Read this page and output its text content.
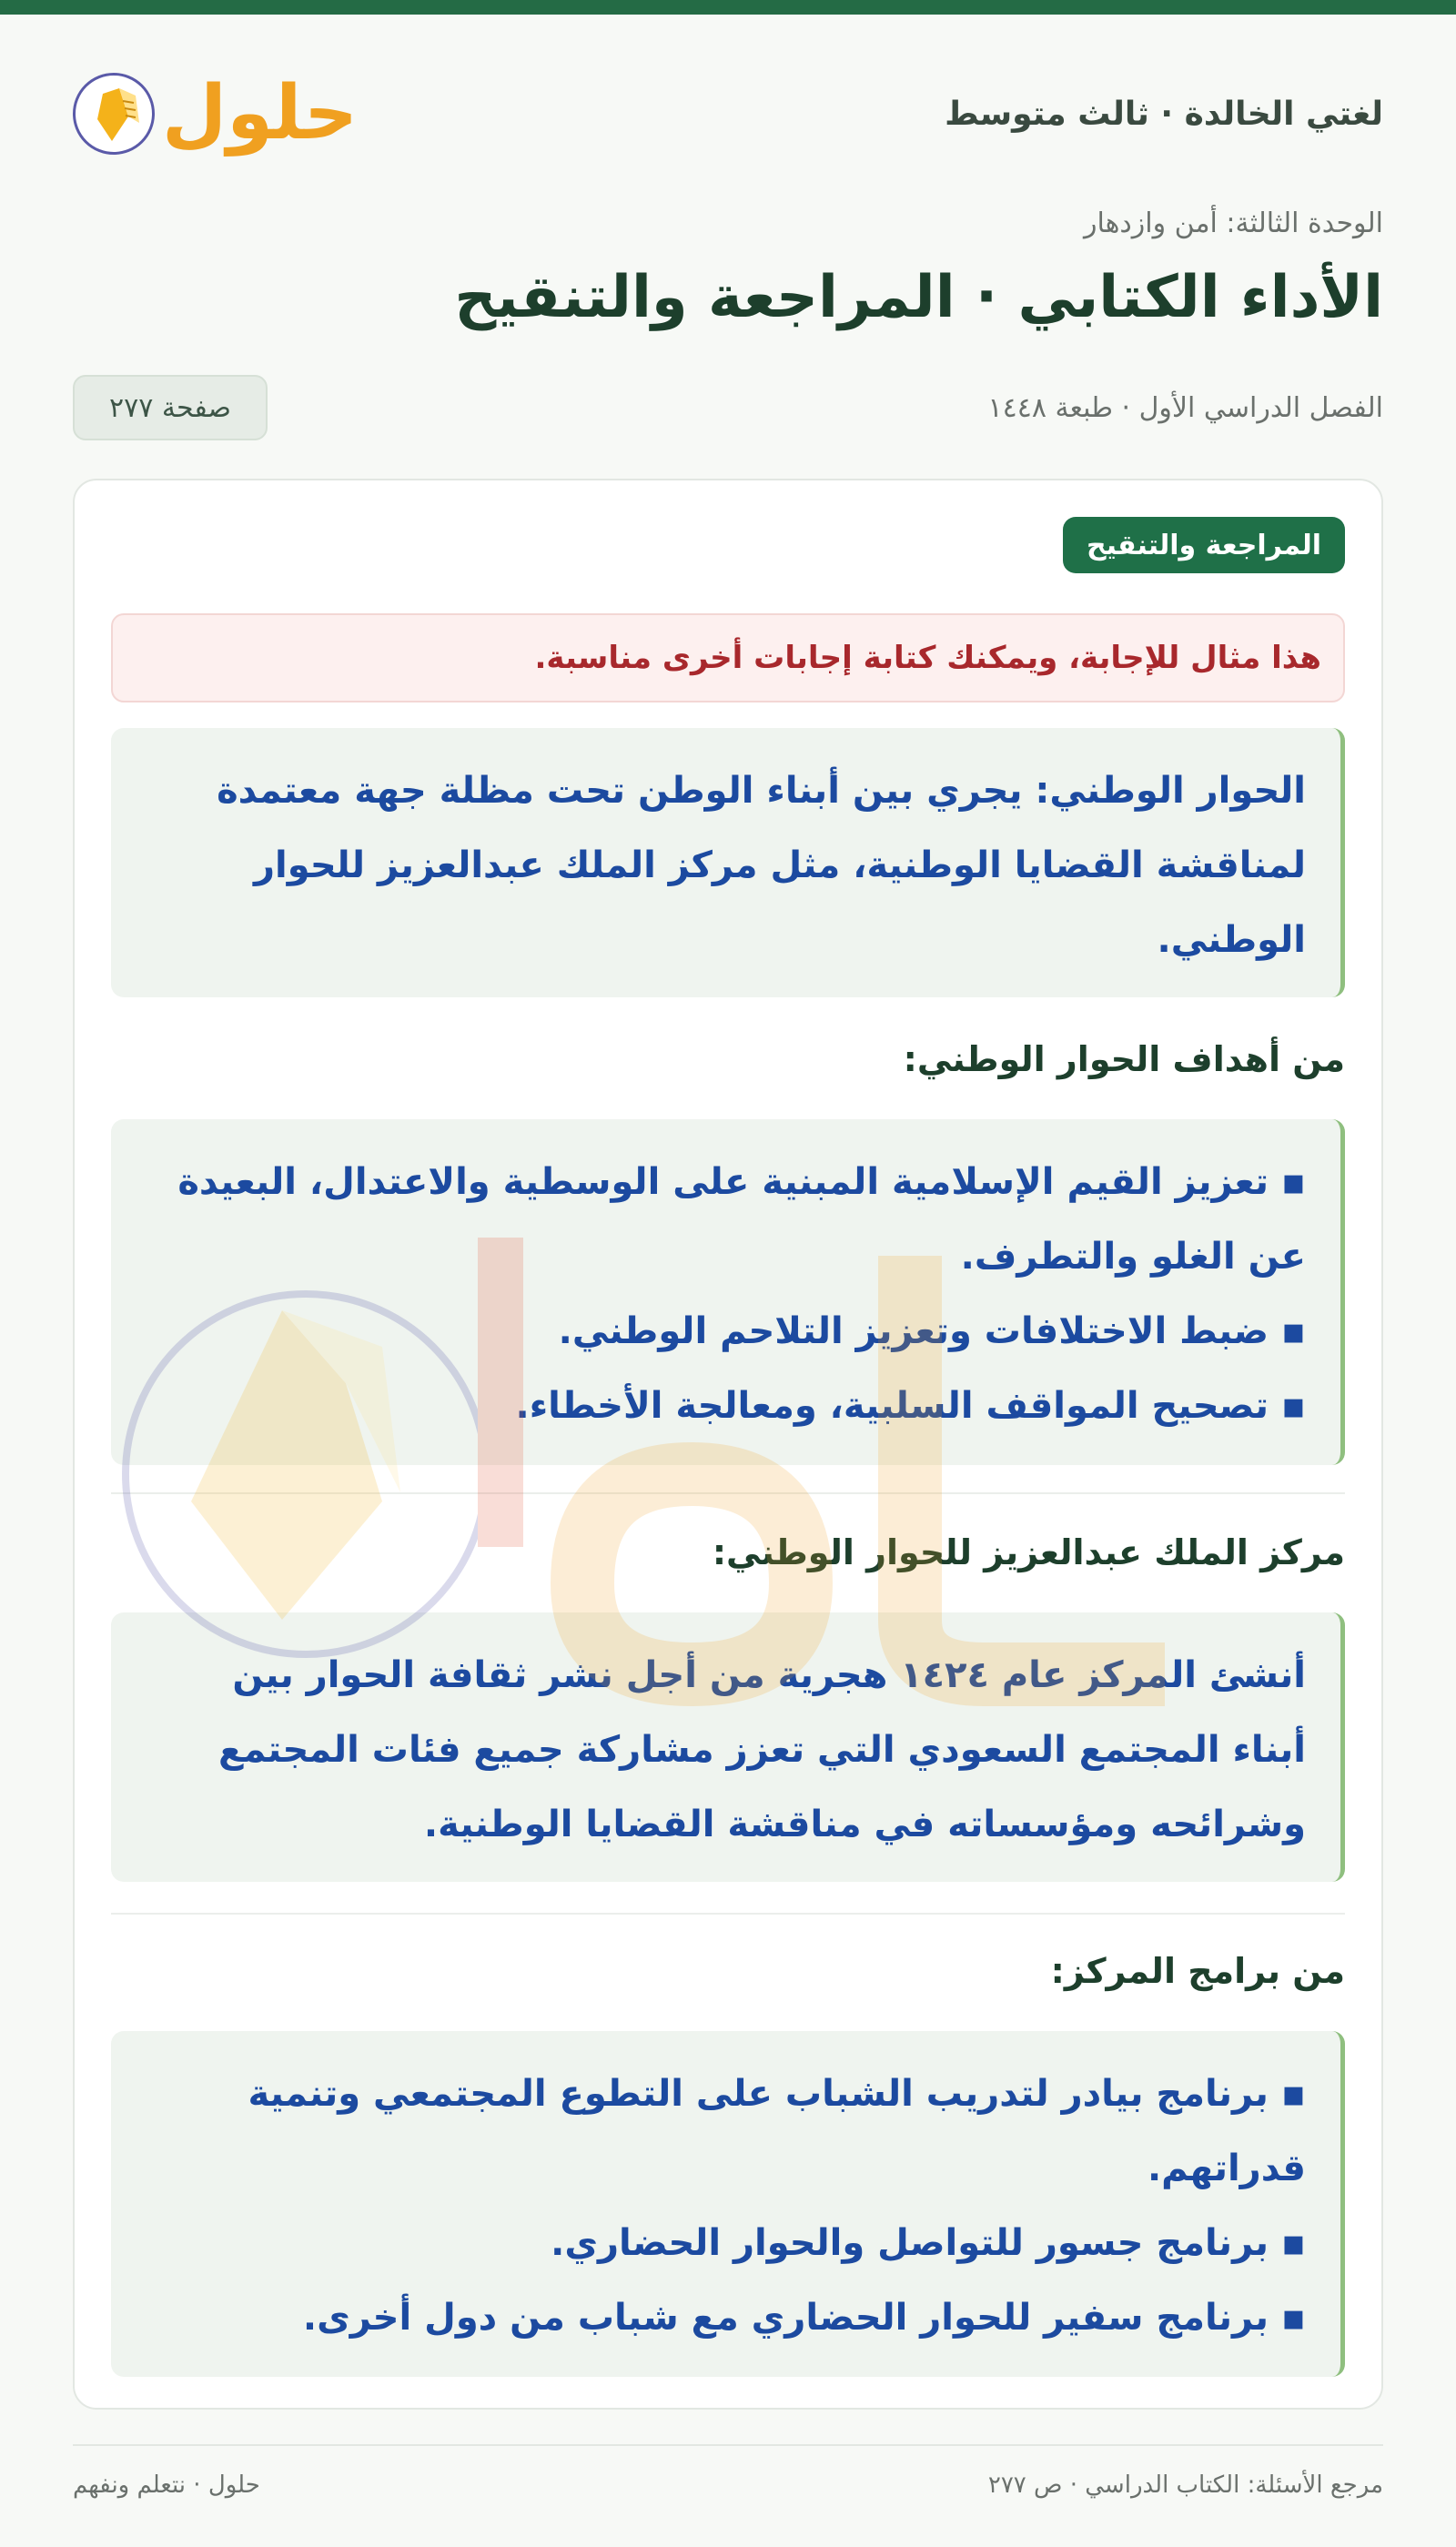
لغتي الخالدة · ثالث متوسط
حلول
الوحدة الثالثة: أمن وازدهار
الأداء الكتابي · المراجعة والتنقيح
الفصل الدراسي الأول · طبعة ١٤٤٨
صفحة ٢٧٧
المراجعة والتنقيح
هذا مثال للإجابة، ويمكنك كتابة إجابات أخرى مناسبة.
الحوار الوطني: يجري بين أبناء الوطن تحت مظلة جهة معتمدة
لمناقشة القضايا الوطنية، مثل مركز الملك عبدالعزيز للحوار
الوطني.
من أهداف الحوار الوطني:
▪ تعزيز القيم الإسلامية المبنية على الوسطية والاعتدال، البعيدة
عن الغلو والتطرف.
▪ ضبط الاختلافات وتعزيز التلاحم الوطني.
▪ تصحيح المواقف السلبية، ومعالجة الأخطاء.
مركز الملك عبدالعزيز للحوار الوطني:
أنشئ المركز عام ١٤٢٤ هجرية من أجل نشر ثقافة الحوار بين
أبناء المجتمع السعودي التي تعزز مشاركة جميع فئات المجتمع
وشرائحه ومؤسساته في مناقشة القضايا الوطنية.
من برامج المركز:
▪ برنامج بيادر لتدريب الشباب على التطوع المجتمعي وتنمية
قدراتهم.
▪ برنامج جسور للتواصل والحوار الحضاري.
▪ برنامج سفير للحوار الحضاري مع شباب من دول أخرى.
مرجع الأسئلة: الكتاب الدراسي · ص ٢٧٧
حلول · نتعلم ونفهم
